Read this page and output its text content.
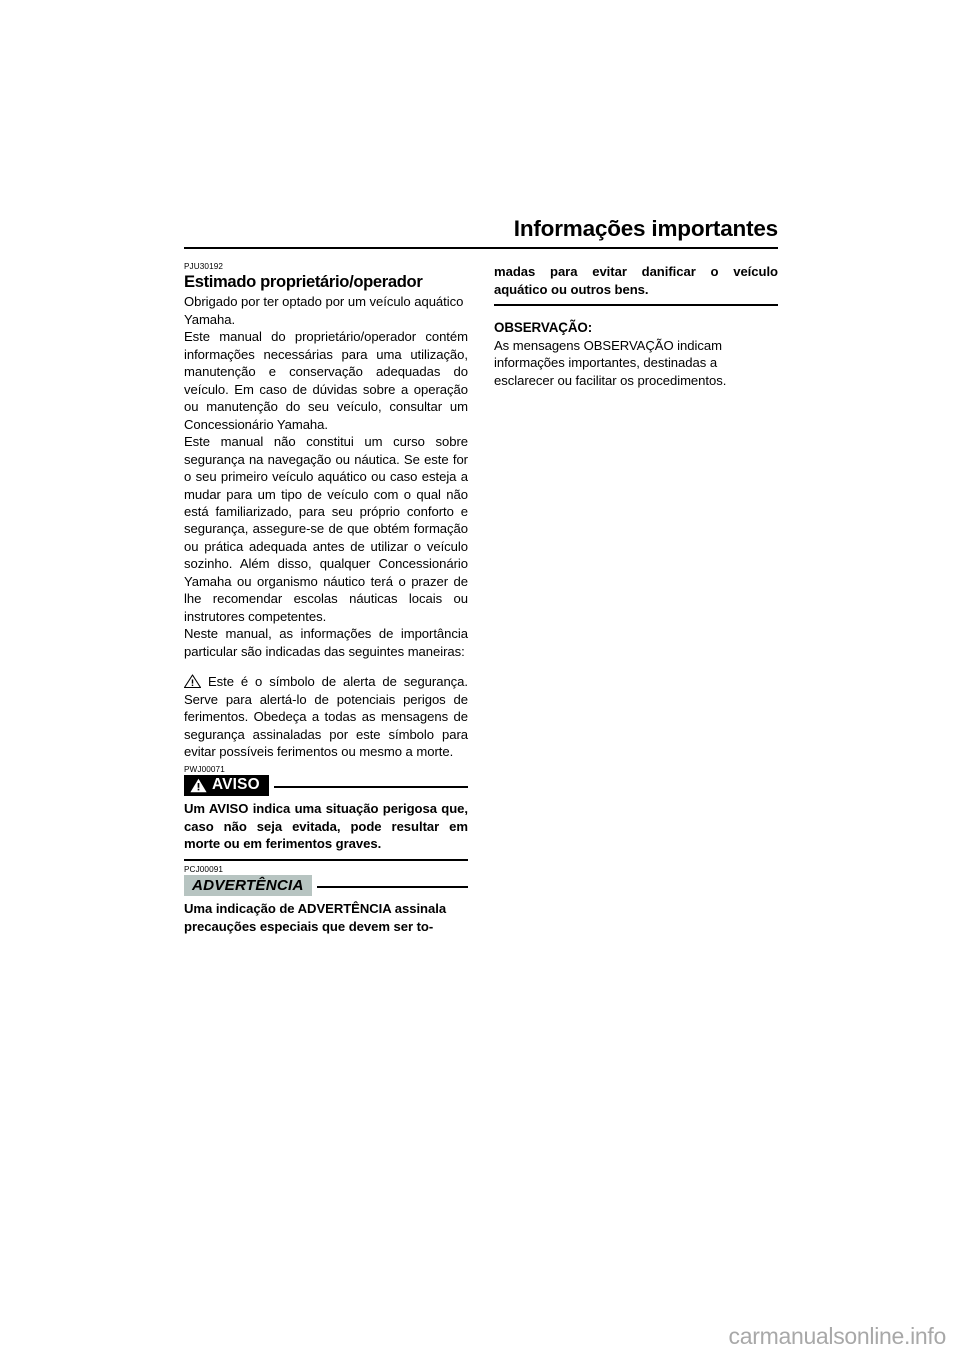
Informações importantes
PJU30192
Estimado proprietário/operador

Obrigado por ter optado por um veículo aquático Yamaha.

Este manual do proprietário/operador contém informações necessárias para uma utilização, manutenção e conservação adequadas do veículo. Em caso de dúvidas sobre a operação ou manutenção do seu veículo, consultar um Concessionário Yamaha.

Este manual não constitui um curso sobre segurança na navegação ou náutica. Se este for o seu primeiro veículo aquático ou caso esteja a mudar para um tipo de veículo com o qual não está familiarizado, para seu próprio conforto e segurança, assegure-se de que obtém formação ou prática adequada antes de utilizar o veículo sozinho. Além disso, qualquer Concessionário Yamaha ou organismo náutico terá o prazer de lhe recomendar escolas náuticas locais ou instrutores competentes.

Neste manual, as informações de importância particular são indicadas das seguintes maneiras:

Este é o símbolo de alerta de segurança. Serve para alertá-lo de potenciais perigos de ferimentos. Obedeça a todas as mensagens de segurança assinaladas por este símbolo para evitar possíveis ferimentos ou mesmo a morte.

PWJ00071
AVISO

Um AVISO indica uma situação perigosa que, caso não seja evitada, pode resultar em morte ou em ferimentos graves.

PCJ00091
ADVERTÊNCIA

Uma indicação de ADVERTÊNCIA assinala precauções especiais que devem ser to-

madas para evitar danificar o veículo aquático ou outros bens.

OBSERVAÇÃO:

As mensagens OBSERVAÇÃO indicam informações importantes, destinadas a esclarecer ou facilitar os procedimentos.

carmanualsonline.info
